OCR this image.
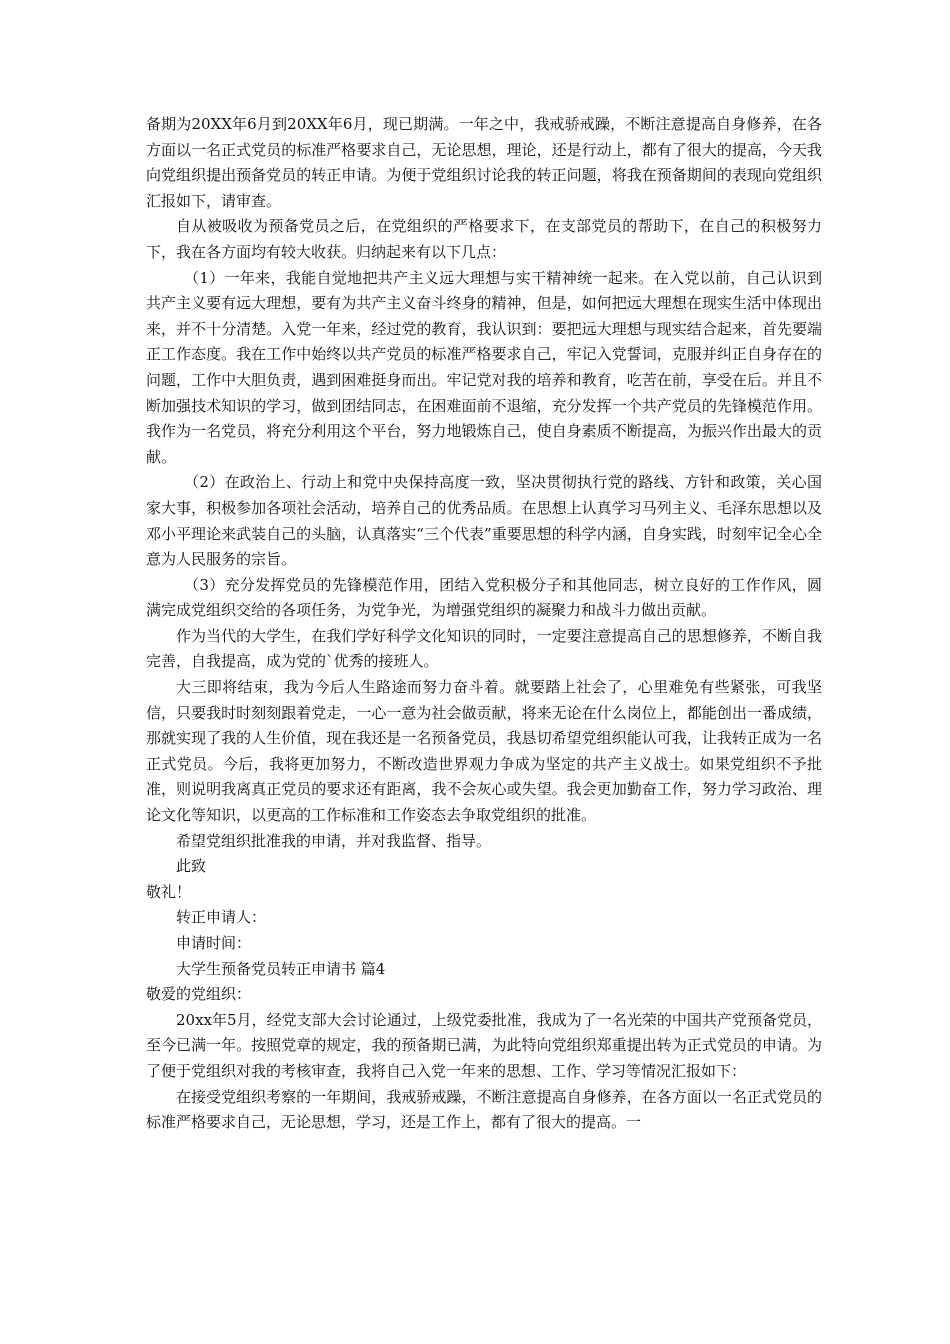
备期为20XX年6月到20XX年6月，现已期满。一年之中，我戒骄戒躁，不断注意提高自身修养，在各方面以一名正式党员的标准严格要求自己，无论思想，理论，还是行动上，都有了很大的提高，今天我向党组织提出预备党员的转正申请。为便于党组织讨论我的转正问题，将我在预备期间的表现向党组织汇报如下，请审查。

自从被吸收为预备党员之后，在党组织的严格要求下，在支部党员的帮助下，在自己的积极努力下，我在各方面均有较大收获。归纳起来有以下几点：

（1）一年来，我能自觉地把共产主义远大理想与实干精神统一起来。在入党以前，自己认识到共产主义要有远大理想，要有为共产主义奋斗终身的精神，但是，如何把远大理想在现实生活中体现出来，并不十分清楚。入党一年来，经过党的教育，我认识到：要把远大理想与现实结合起来，首先要端正工作态度。我在工作中始终以共产党员的标准严格要求自己，牢记入党誓词，克服并纠正自身存在的问题，工作中大胆负责，遇到困难挺身而出。牢记党对我的培养和教育，吃苦在前，享受在后。并且不断加强技术知识的学习，做到团结同志，在困难面前不退缩，充分发挥一个共产党员的先锋模范作用。我作为一名党员，将充分利用这个平台，努力地锻炼自己，使自身素质不断提高，为振兴作出最大的贡献。

（2）在政治上、行动上和党中央保持高度一致，坚决贯彻执行党的路线、方针和政策，关心国家大事，积极参加各项社会活动，培养自己的优秀品质。在思想上认真学习马列主义、毛泽东思想以及邓小平理论来武装自己的头脑，认真落实“三个代表”重要思想的科学内涵，自身实践，时刻牢记全心全意为人民服务的宗旨。

（3）充分发挥党员的先锋模范作用，团结入党积极分子和其他同志，树立良好的工作作风，圆满完成党组织交给的各项任务，为党争光，为增强党组织的凝聚力和战斗力做出贡献。

作为当代的大学生，在我们学好科学文化知识的同时，一定要注意提高自己的思想修养，不断自我完善，自我提高，成为党的`优秀的接班人。

大三即将结束，我为今后人生路途而努力奋斗着。就要踏上社会了，心里难免有些紧张，可我坚信，只要我时时刻刻跟着党走，一心一意为社会做贡献，将来无论在什么岗位上，都能创出一番成绩，那就实现了我的人生价值，现在我还是一名预备党员，我恳切希望党组织能认可我，让我转正成为一名正式党员。今后，我将更加努力，不断改造世界观力争成为坚定的共产主义战士。如果党组织不予批准，则说明我离真正党员的要求还有距离，我不会灰心或失望。我会更加勤奋工作，努力学习政治、理论文化等知识，以更高的工作标准和工作姿态去争取党组织的批准。

希望党组织批准我的申请，并对我监督、指导。

此致

敬礼！

转正申请人：

申请时间：

大学生预备党员转正申请书 篇4

敬爱的党组织：

20xx年5月，经党支部大会讨论通过，上级党委批准，我成为了一名光荣的中国共产党预备党员，至今已满一年。按照党章的规定，我的预备期已满，为此特向党组织郑重提出转为正式党员的申请。为了便于党组织对我的考核审查，我将自己入党一年来的思想、工作、学习等情况汇报如下：

在接受党组织考察的一年期间，我戒骄戒躁，不断注意提高自身修养，在各方面以一名正式党员的标准严格要求自己，无论思想，学习，还是工作上，都有了很大的提高。一
